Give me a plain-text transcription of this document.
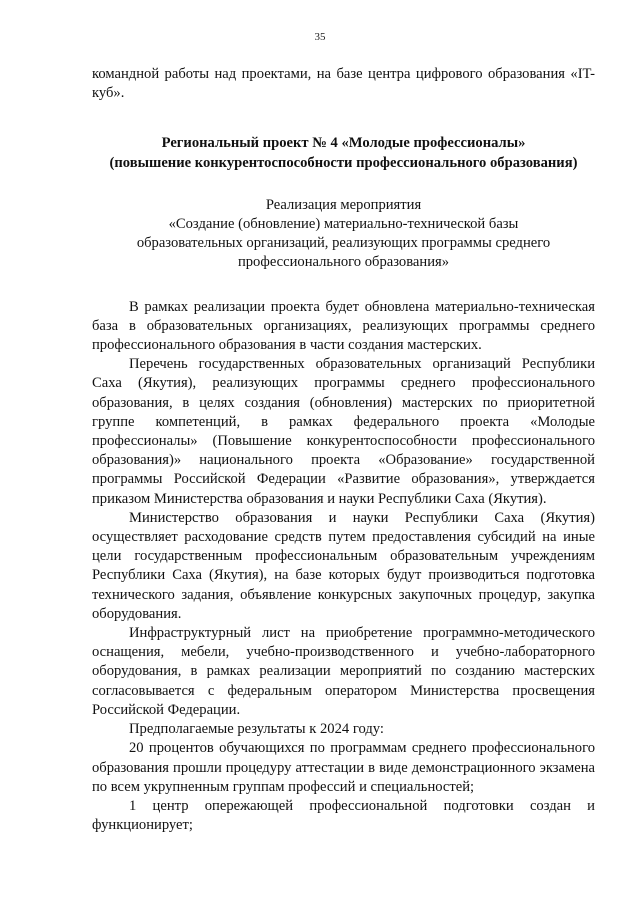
35

командной работы над проектами, на базе центра цифрового образования «IT-

куб».

Региональный проект № 4 «Молодые профессионалы»
(повышение конкурентоспособности профессионального образования)
Реализация мероприятия
«Создание (обновление) материально-технической базы
образовательных организаций, реализующих программы среднего
профессионального образования»

В рамках реализации проекта будет обновлена материально-техническая база в образовательных организациях, реализующих программы среднего профессионального образования в части создания мастерских.

Перечень государственных образовательных организаций Республики Саха (Якутия), реализующих программы среднего профессионального образования, в целях создания (обновления) мастерских по приоритетной группе компетенций, в рамках федерального проекта «Молодые профессионалы» (Повышение конкурентоспособности профессионального образования)» национального проекта «Образование» государственной программы Российской Федерации «Развитие образования», утверждается приказом Министерства образования и науки Республики Саха (Якутия).

Министерство образования и науки Республики Саха (Якутия) осуществляет расходование средств путем предоставления субсидий на иные цели государственным профессиональным образовательным учреждениям Республики Саха (Якутия), на базе которых будут производиться подготовка технического задания, объявление конкурсных закупочных процедур, закупка оборудования.

Инфраструктурный лист на приобретение программно-методического оснащения, мебели, учебно-производственного и учебно-лабораторного оборудования, в рамках реализации мероприятий по созданию мастерских согласовывается с федеральным оператором Министерства просвещения Российской Федерации.

Предполагаемые результаты к 2024 году:

20 процентов обучающихся по программам среднего профессионального образования прошли процедуру аттестации в виде демонстрационного экзамена по всем укрупненным группам профессий и специальностей;

1 центр опережающей профессиональной подготовки создан и функционирует;
